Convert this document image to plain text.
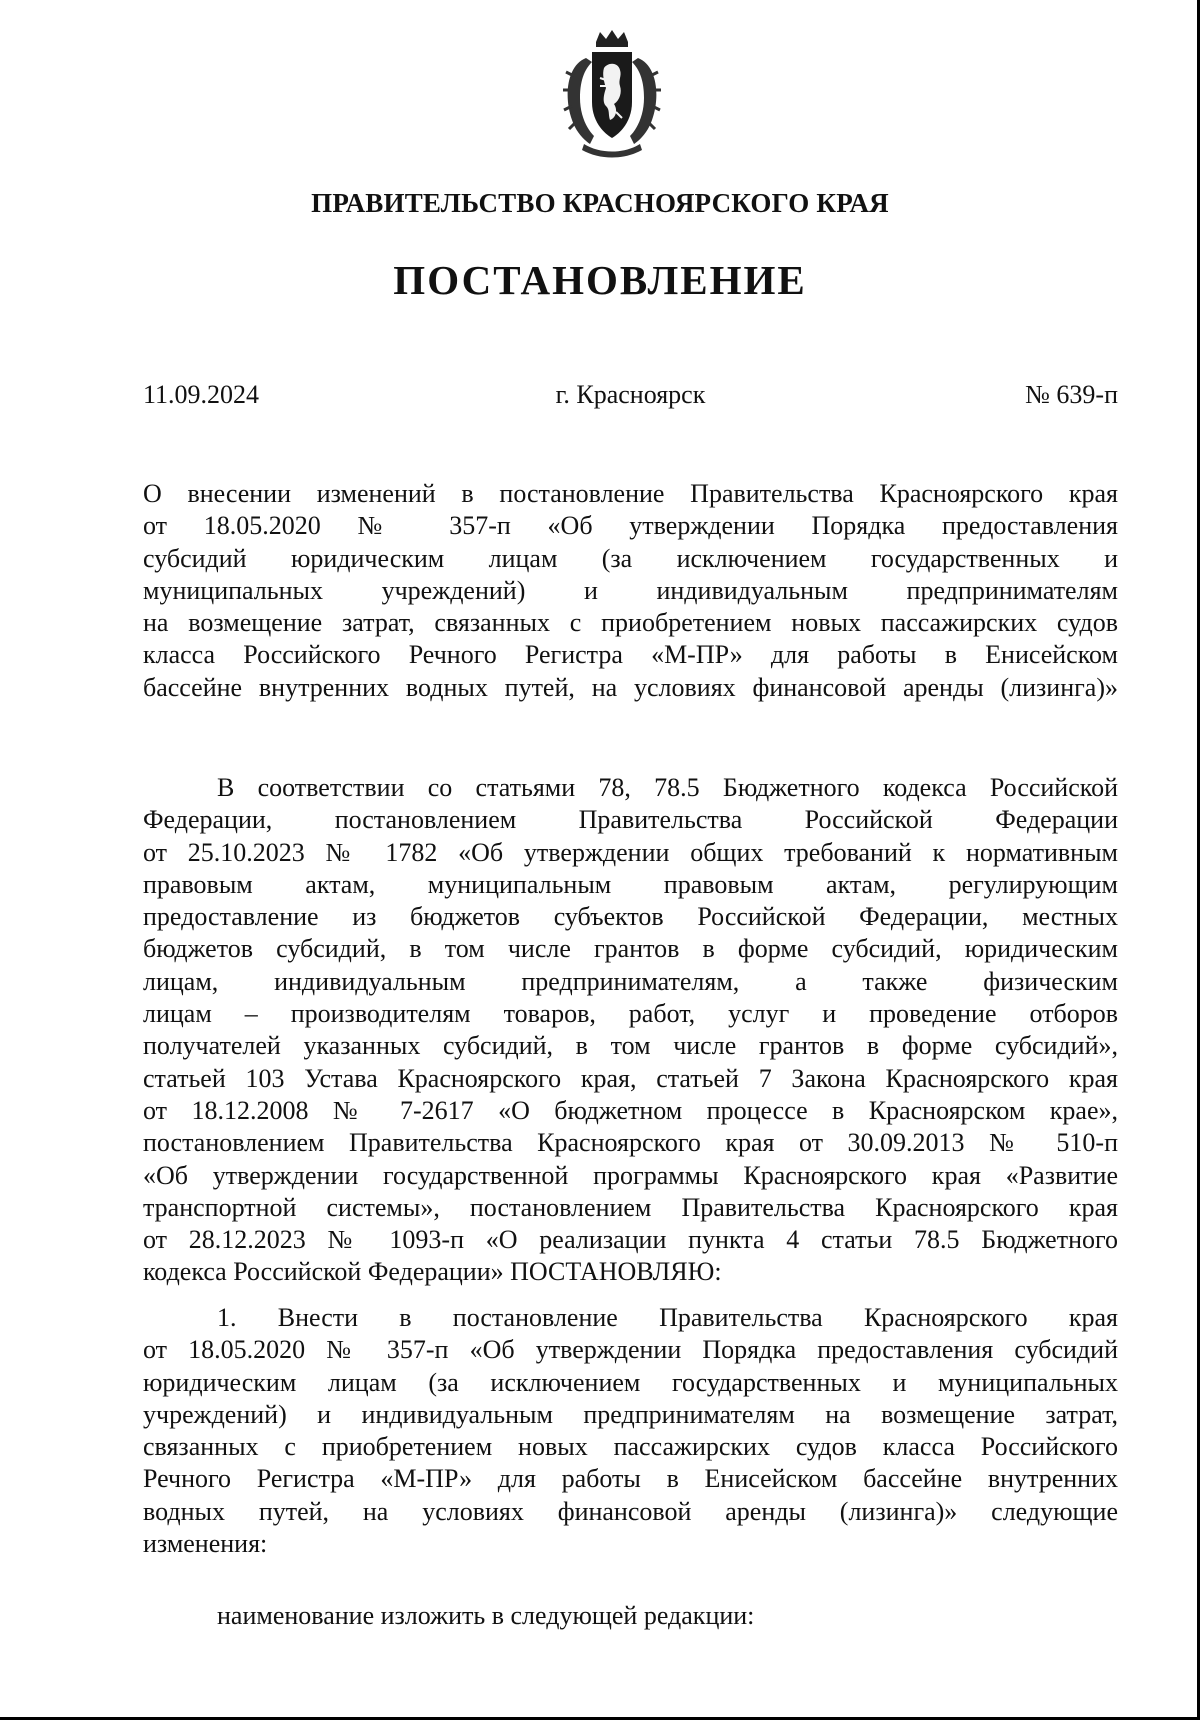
ПРАВИТЕЛЬСТВО КРАСНОЯРСКОГО КРАЯ
ПОСТАНОВЛЕНИЕ
11.09.2024	г. Красноярск	№ 639-п
О внесении изменений в постановление Правительства Красноярского края
от 18.05.2020 № 357-п «Об утверждении Порядка предоставления
субсидий юридическим лицам (за исключением государственных и
муниципальных учреждений) и индивидуальным предпринимателям
на возмещение затрат, связанных с приобретением новых пассажирских судов
класса Российского Речного Регистра «М-ПР» для работы в Енисейском
бассейне внутренних водных путей, на условиях финансовой аренды (лизинга)»
В соответствии со статьями 78, 78.5 Бюджетного кодекса Российской
Федерации, постановлением Правительства Российской Федерации
от 25.10.2023 № 1782 «Об утверждении общих требований к нормативным
правовым актам, муниципальным правовым актам, регулирующим
предоставление из бюджетов субъектов Российской Федерации, местных
бюджетов субсидий, в том числе грантов в форме субсидий, юридическим
лицам, индивидуальным предпринимателям, а также физическим
лицам – производителям товаров, работ, услуг и проведение отборов
получателей указанных субсидий, в том числе грантов в форме субсидий»,
статьей 103 Устава Красноярского края, статьей 7 Закона Красноярского края
от 18.12.2008 № 7-2617 «О бюджетном процессе в Красноярском крае»,
постановлением Правительства Красноярского края от 30.09.2013 № 510-п
«Об утверждении государственной программы Красноярского края «Развитие
транспортной системы», постановлением Правительства Красноярского края
от 28.12.2023 № 1093-п «О реализации пункта 4 статьи 78.5 Бюджетного
кодекса Российской Федерации» ПОСТАНОВЛЯЮ:
1. Внести в постановление Правительства Красноярского края
от 18.05.2020 № 357-п «Об утверждении Порядка предоставления субсидий
юридическим лицам (за исключением государственных и муниципальных
учреждений) и индивидуальным предпринимателям на возмещение затрат,
связанных с приобретением новых пассажирских судов класса Российского
Речного Регистра «М-ПР» для работы в Енисейском бассейне внутренних
водных путей, на условиях финансовой аренды (лизинга)» следующие
изменения:
наименование изложить в следующей редакции:
